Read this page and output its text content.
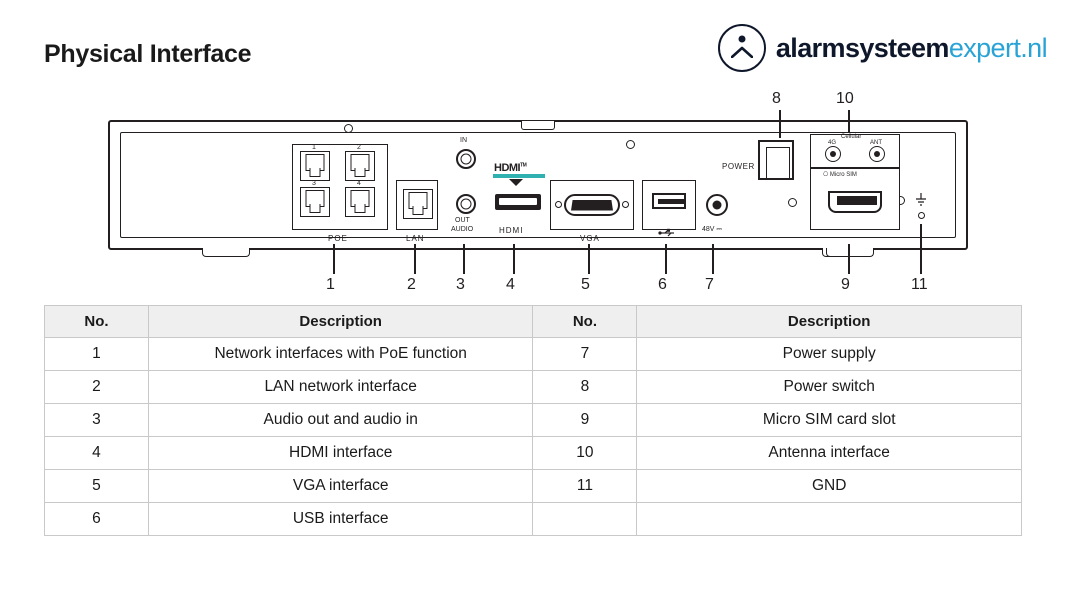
Physical Interface	alarmsysteemexpert.nl
1	2
3	4
POE	LAN
IN
OUT
AUDIO
HDMI™
HDMI
VGA
48V ⎓
POWER
Cellular
4G	ANT
⎔ Micro SIM
1	2	3	4	5	6 7
8
9
10
11
No.	Description	No.	Description
1	Network interfaces with PoE function	7	Power supply
2	LAN network interface	8	Power switch
3	Audio out and audio in	9	Micro SIM card slot
4	HDMI interface	10	Antenna interface
5	VGA interface	11	GND
6	USB interface		
